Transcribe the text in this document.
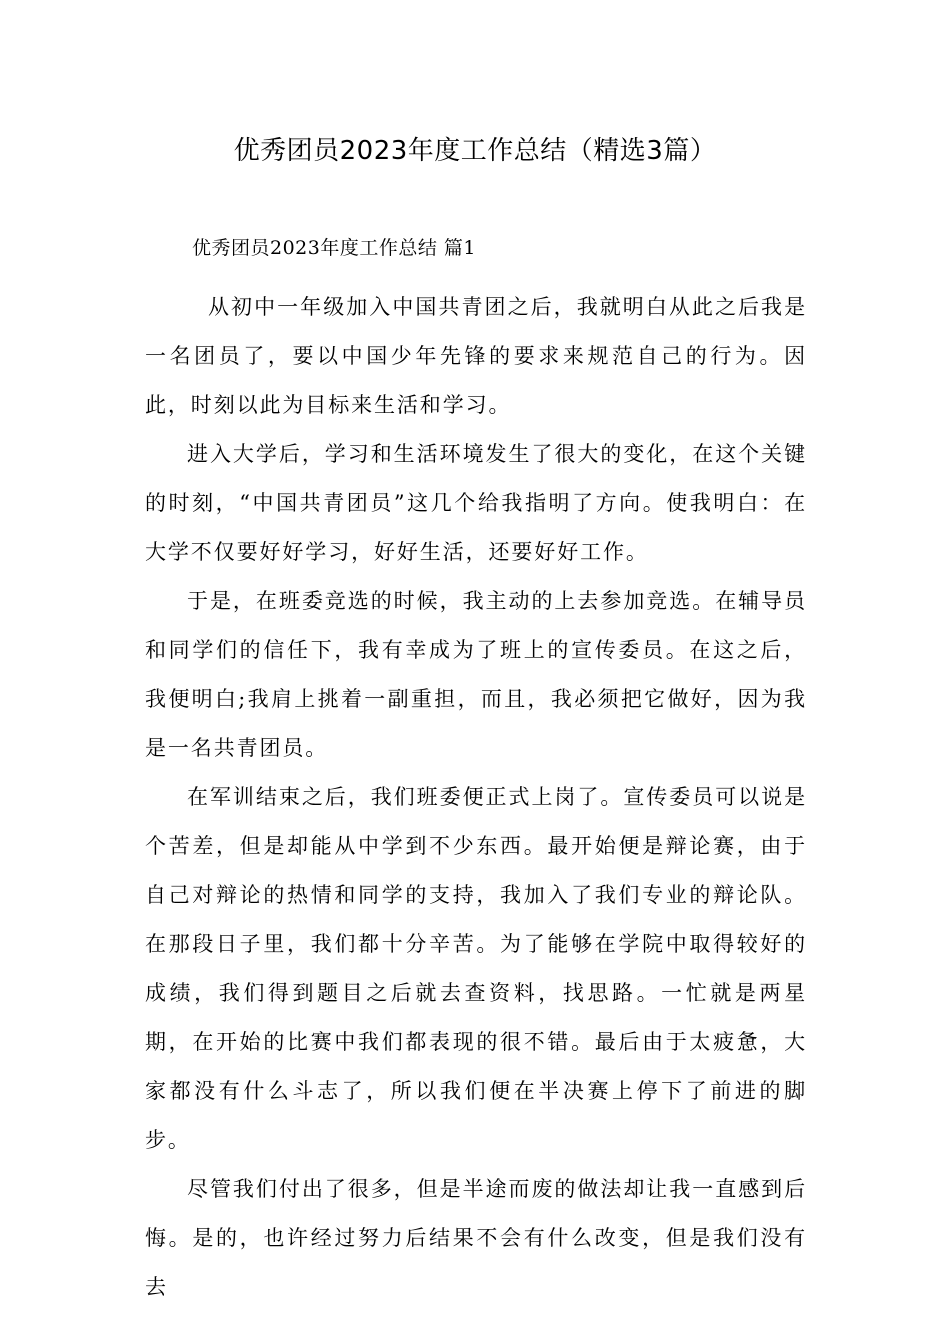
优秀团员2023年度工作总结（精选3篇）
优秀团员2023年度工作总结 篇1

从初中一年级加入中国共青团之后，我就明白从此之后我是一名团员了，要以中国少年先锋的要求来规范自己的行为。因此，时刻以此为目标来生活和学习。

进入大学后，学习和生活环境发生了很大的变化，在这个关键的时刻，“中国共青团员”这几个给我指明了方向。使我明白：在大学不仅要好好学习，好好生活，还要好好工作。

于是，在班委竞选的时候，我主动的上去参加竞选。在辅导员和同学们的信任下，我有幸成为了班上的宣传委员。在这之后，我便明白;我肩上挑着一副重担，而且，我必须把它做好，因为我是一名共青团员。

在军训结束之后，我们班委便正式上岗了。宣传委员可以说是个苦差，但是却能从中学到不少东西。最开始便是辩论赛，由于自己对辩论的热情和同学的支持，我加入了我们专业的辩论队。在那段日子里，我们都十分辛苦。为了能够在学院中取得较好的成绩，我们得到题目之后就去查资料，找思路。一忙就是两星期，在开始的比赛中我们都表现的很不错。最后由于太疲惫，大家都没有什么斗志了，所以我们便在半决赛上停下了前进的脚步。

尽管我们付出了很多，但是半途而废的做法却让我一直感到后悔。是的，也许经过努力后结果不会有什么改变，但是我们没有去
